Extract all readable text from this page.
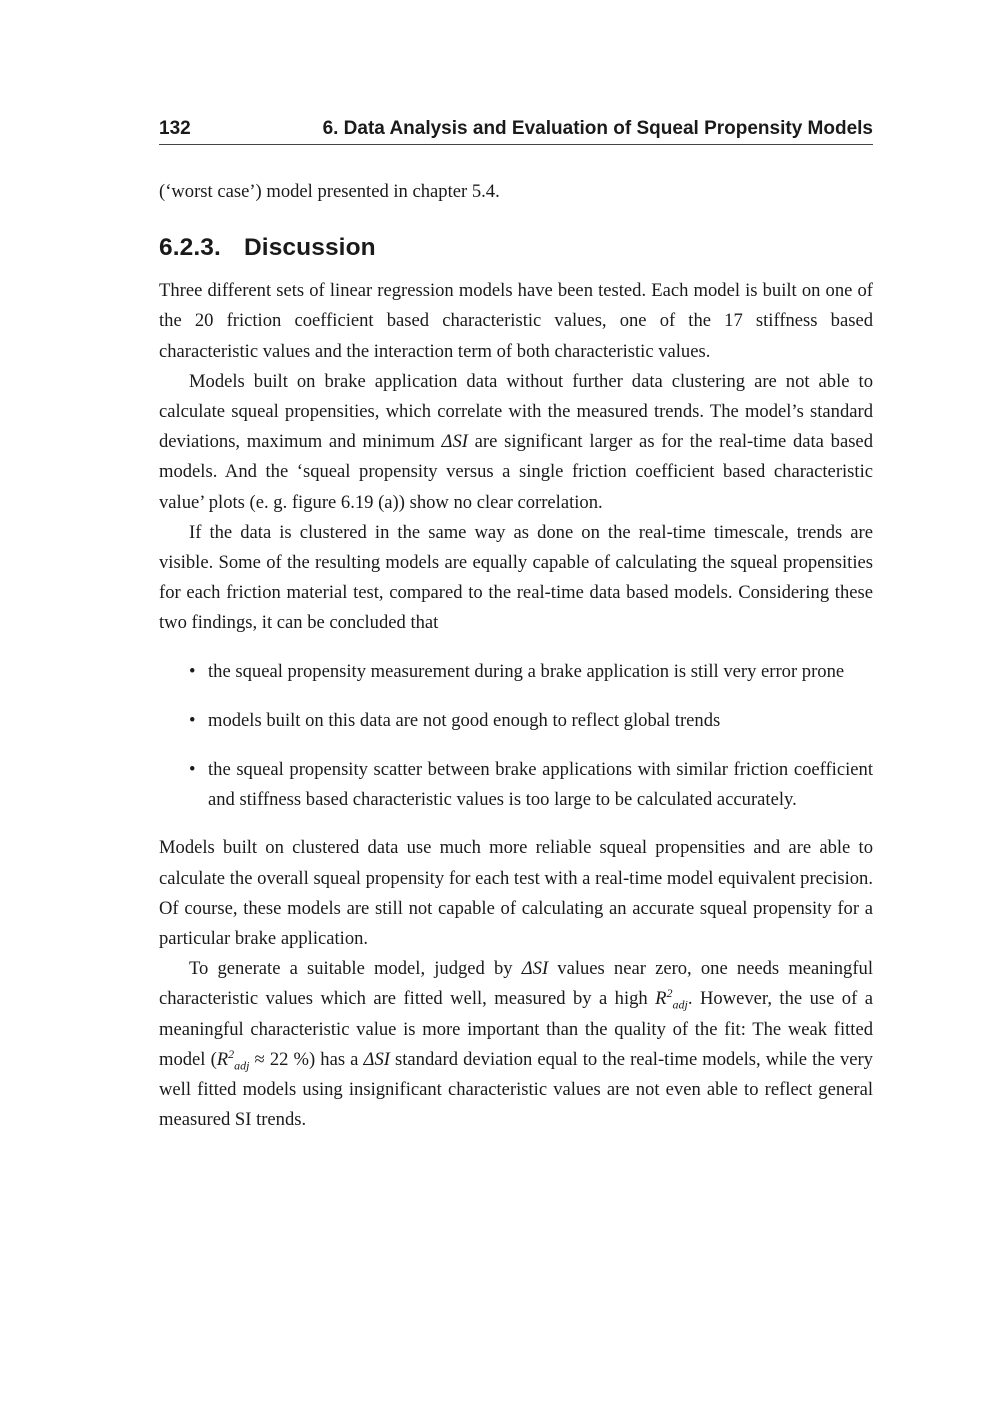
132	6. Data Analysis and Evaluation of Squeal Propensity Models

(‘worst case’) model presented in chapter 5.4.

6.2.3. Discussion

Three different sets of linear regression models have been tested. Each model is built on one of the 20 friction coefficient based characteristic values, one of the 17 stiffness based characteristic values and the interaction term of both characteristic values.

Models built on brake application data without further data clustering are not able to calculate squeal propensities, which correlate with the measured trends. The model’s standard deviations, maximum and minimum ΔSI are significant larger as for the real-time data based models. And the ‘squeal propensity versus a single friction coefficient based characteristic value’ plots (e. g. figure 6.19 (a)) show no clear correlation.

If the data is clustered in the same way as done on the real-time timescale, trends are visible. Some of the resulting models are equally capable of calculating the squeal propensities for each friction material test, compared to the real-time data based models. Considering these two findings, it can be concluded that

• the squeal propensity measurement during a brake application is still very error prone
• models built on this data are not good enough to reflect global trends
• the squeal propensity scatter between brake applications with similar friction coefficient and stiffness based characteristic values is too large to be calculated accurately.

Models built on clustered data use much more reliable squeal propensities and are able to calculate the overall squeal propensity for each test with a real-time model equivalent precision. Of course, these models are still not capable of calculating an accurate squeal propensity for a particular brake application.

To generate a suitable model, judged by ΔSI values near zero, one needs meaningful characteristic values which are fitted well, measured by a high $R^2_{adj}$. However, the use of a meaningful characteristic value is more important than the quality of the fit: The weak fitted model ($R^2_{adj} \approx 22$ %) has a ΔSI standard deviation equal to the real-time models, while the very well fitted models using insignificant characteristic values are not even able to reflect general measured SI trends.
